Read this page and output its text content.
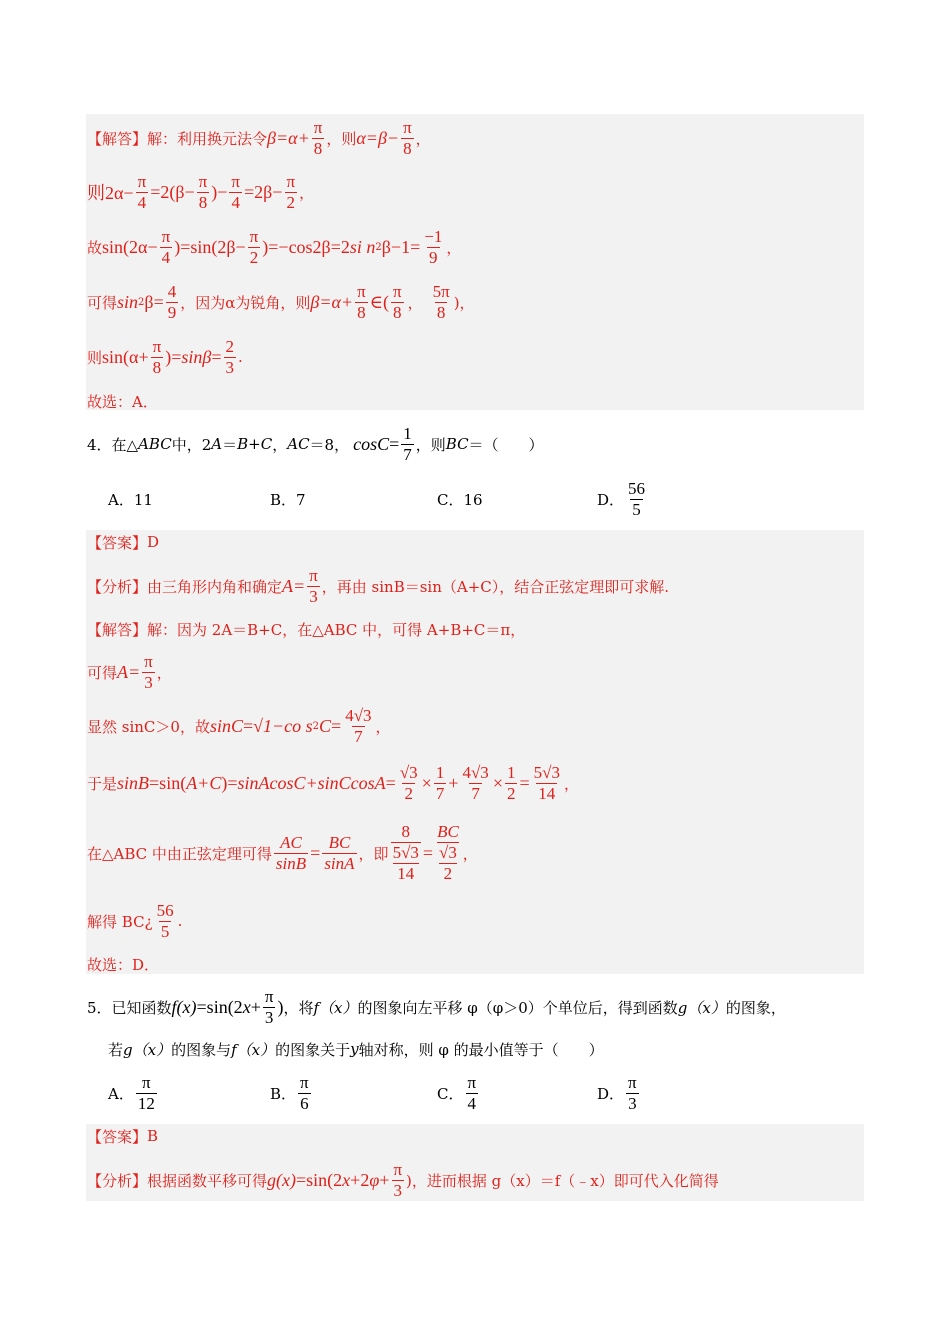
【解答】 解：利用换元法令 $\beta=\alpha+ \frac{\pi}{8}$ ，则 $\alpha=\beta- \frac{\pi}{8}$ ，
则$2\alpha- \frac{\pi}{4} =2(\beta- \frac{\pi}{8}$ )− $\frac{\pi}{4} =2\beta- \frac{\pi}{2}$ ，
故 $\sin(2\alpha- \frac{\pi}{4} )=\sin(2\beta- \frac{\pi}{2} )=-\cos 2\beta=2$ si n 2 $\beta-1= \frac{-1}{9}$ ，
可得 sin 2 $\beta= \frac{4}{9}$ ，因为α为锐角，则 $\beta=\alpha+ \frac{\pi}{8}$ ∈( $\frac{\pi}{8}$ ， $\frac{5\pi}{8}$ )，
则 $\sin(\alpha+ \frac{\pi}{8}$ )= $\sin\beta = \frac{2}{3}$ .
故选：A．
4．在△ ABC 中，2 A ＝ B + C ， AC ＝8， $\cos C = \frac{1}{7}$ ，则 BC ＝（　　）
A．11	B．7	C．16	D． $\frac{56}{5}$
【答案】 D
【分析】 由三角形内角和确定 $A= \frac{\pi}{3}$ ，再由 sinB＝sin（A+C），结合正弦定理即可求解.
【解答】 解：因为 2A＝B+C，在△ABC 中，可得 A+B+C＝π，
可得 $A= \frac{\pi}{3}$ ，
显然 sinC＞0，故 sinC = √1−co s 2 $C = \frac{4√3}{7}$ ，
于是 sinB =sin( A+C )= sinAcosC+sinCcosA = $\frac{√3}{2} \times \frac{1}{7} + \frac{4√3}{7} \times \frac{1}{2} = \frac{5√3}{14}$ ，
在△ABC 中由正弦定理可得 $\frac{AC}{\sin B} = \frac{BC}{\sin A}$ ，即 8
5√3
14 = BC
√3
2 ，
解得 BC¿ $\frac{56}{5}$ .
故选：D．
5．已知函数 f(x) =sin(2 $x + \frac{\pi}{3}$ ) ，将 f（x） 的图象向左平移 φ（φ＞0）个单位后，得到函数 g（x） 的图象，
若 g（x） 的图象与 f（x） 的图象关于 y 轴对称，则 φ 的最小值等于（　　）
A． $\frac{\pi}{12}$	B． $\frac{\pi}{6}$	C． $\frac{\pi}{4}$	D． $\frac{\pi}{3}$
【答案】 B
【分析】 根据函数平移可得 g(x) =sin(2 x +2 $\varphi + \frac{\pi}{3}$ )，进而根据 g（x）＝f（﹣x）即可代入化简得
